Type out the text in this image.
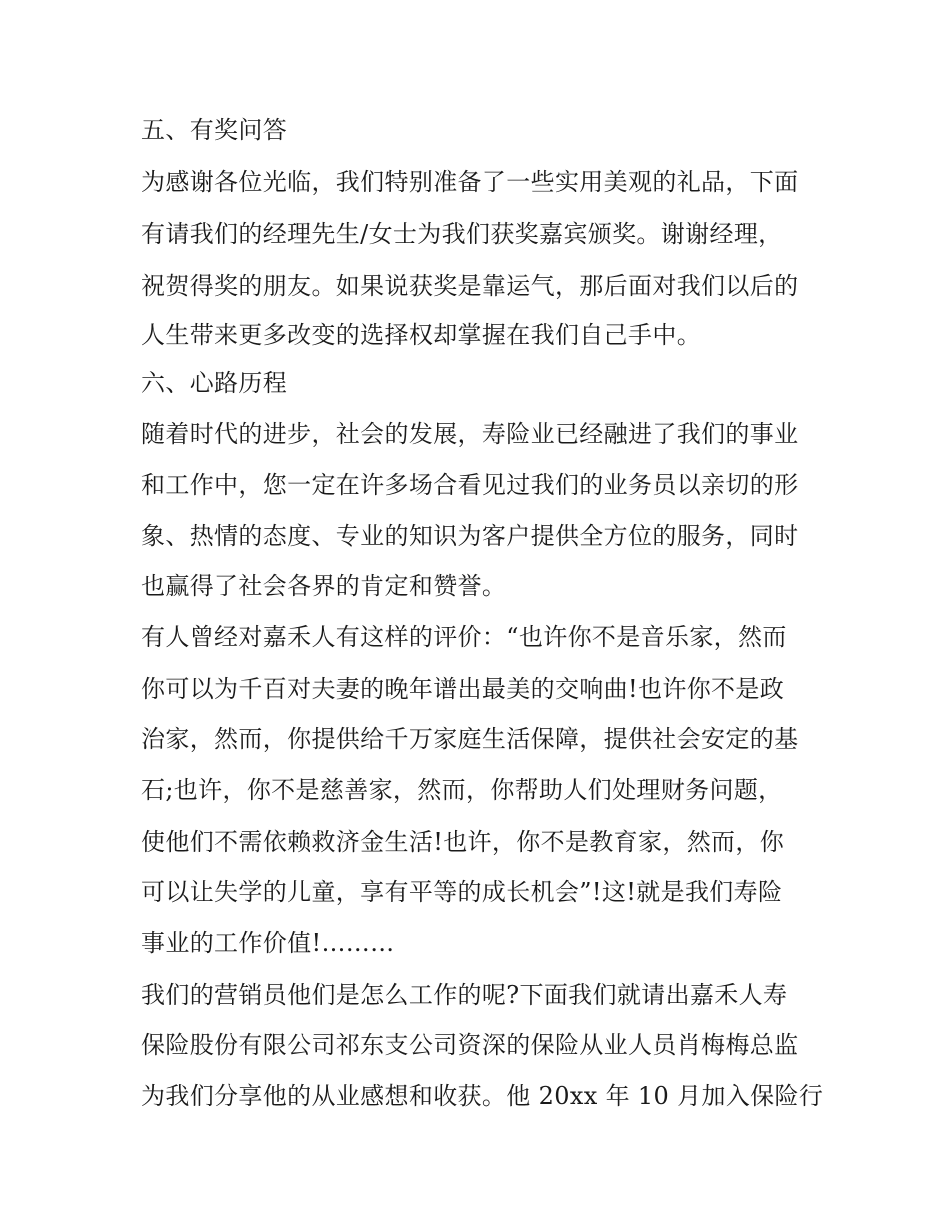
五、有奖问答
为感谢各位光临，我们特别准备了一些实用美观的礼品，下面
有请我们的经理先生/女士为我们获奖嘉宾颁奖。谢谢经理，
祝贺得奖的朋友。如果说获奖是靠运气，那后面对我们以后的
人生带来更多改变的选择权却掌握在我们自己手中。
六、心路历程
随着时代的进步，社会的发展，寿险业已经融进了我们的事业
和工作中，您一定在许多场合看见过我们的业务员以亲切的形
象、热情的态度、专业的知识为客户提供全方位的服务，同时
也赢得了社会各界的肯定和赞誉。
有人曾经对嘉禾人有这样的评价：“也许你不是音乐家，然而
你可以为千百对夫妻的晚年谱出最美的交响曲!也许你不是政
治家，然而，你提供给千万家庭生活保障，提供社会安定的基
石;也许，你不是慈善家，然而，你帮助人们处理财务问题，
使他们不需依赖救济金生活!也许，你不是教育家，然而，你
可以让失学的儿童，享有平等的成长机会”!这!就是我们寿险
事业的工作价值!………
我们的营销员他们是怎么工作的呢?下面我们就请出嘉禾人寿
保险股份有限公司祁东支公司资深的保险从业人员肖梅梅总监
为我们分享他的从业感想和收获。他 20xx 年 10 月加入保险行
